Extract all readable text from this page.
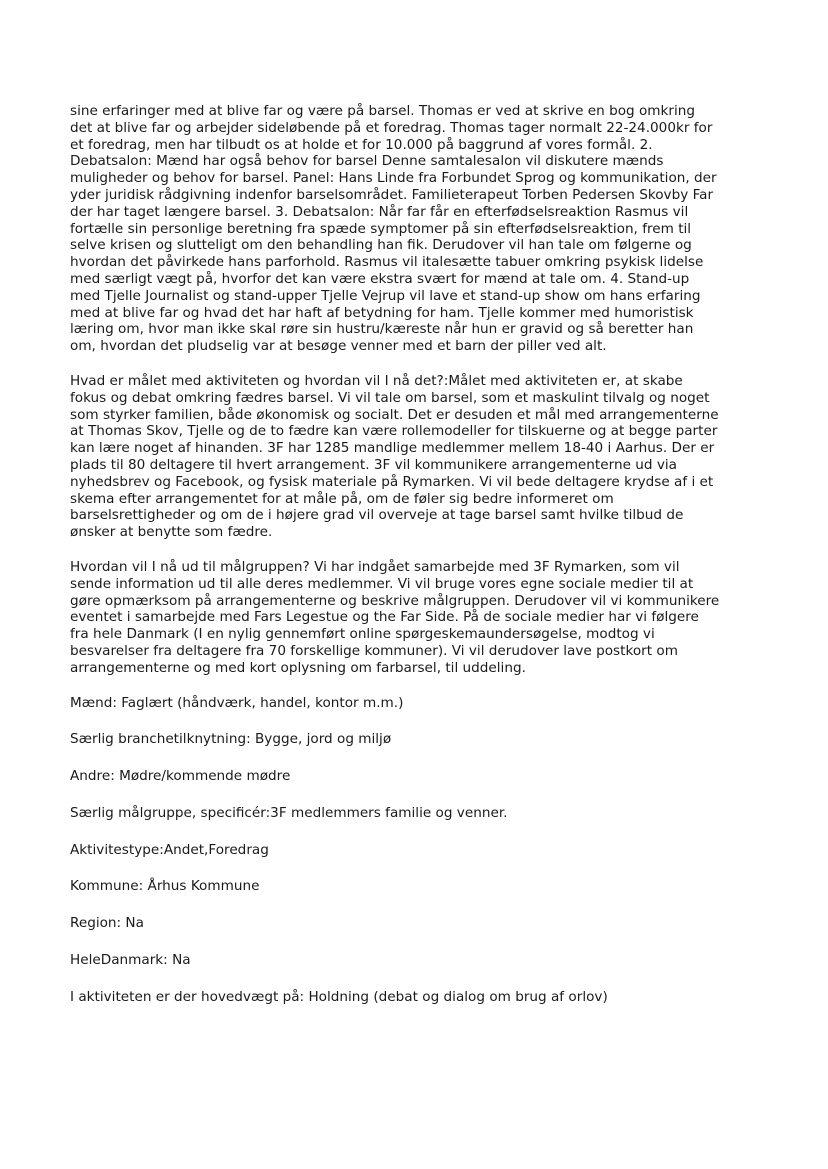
sine erfaringer med at blive far og være på barsel. Thomas er ved at skrive en bog omkring
det at blive far og arbejder sideløbende på et foredrag. Thomas tager normalt 22-24.000kr for
et foredrag, men har tilbudt os at holde et for 10.000 på baggrund af vores formål. 2.
Debatsalon: Mænd har også behov for barsel Denne samtalesalon vil diskutere mænds
muligheder og behov for barsel. Panel: Hans Linde fra Forbundet Sprog og kommunikation, der
yder juridisk rådgivning indenfor barselsområdet. Familieterapeut Torben Pedersen Skovby Far
der har taget længere barsel. 3. Debatsalon: Når far får en efterfødselsreaktion Rasmus vil
fortælle sin personlige beretning fra spæde symptomer på sin efterfødselsreaktion, frem til
selve krisen og slutteligt om den behandling han fik. Derudover vil han tale om følgerne og
hvordan det påvirkede hans parforhold. Rasmus vil italesætte tabuer omkring psykisk lidelse
med særligt vægt på, hvorfor det kan være ekstra svært for mænd at tale om. 4. Stand-up
med Tjelle Journalist og stand-upper Tjelle Vejrup vil lave et stand-up show om hans erfaring
med at blive far og hvad det har haft af betydning for ham. Tjelle kommer med humoristisk
læring om, hvor man ikke skal røre sin hustru/kæreste når hun er gravid og så beretter han
om, hvordan det pludselig var at besøge venner med et barn der piller ved alt.
Hvad er målet med aktiviteten og hvordan vil I nå det?:Målet med aktiviteten er, at skabe
fokus og debat omkring fædres barsel. Vi vil tale om barsel, som et maskulint tilvalg og noget
som styrker familien, både økonomisk og socialt. Det er desuden et mål med arrangementerne
at Thomas Skov, Tjelle og de to fædre kan være rollemodeller for tilskuerne og at begge parter
kan lære noget af hinanden. 3F har 1285 mandlige medlemmer mellem 18-40 i Aarhus. Der er
plads til 80 deltagere til hvert arrangement. 3F vil kommunikere arrangementerne ud via
nyhedsbrev og Facebook, og fysisk materiale på Rymarken. Vi vil bede deltagere krydse af i et
skema efter arrangementet for at måle på, om de føler sig bedre informeret om
barselsrettigheder og om de i højere grad vil overveje at tage barsel samt hvilke tilbud de
ønsker at benytte som fædre.
Hvordan vil I nå ud til målgruppen? Vi har indgået samarbejde med 3F Rymarken, som vil
sende information ud til alle deres medlemmer. Vi vil bruge vores egne sociale medier til at
gøre opmærksom på arrangementerne og beskrive målgruppen. Derudover vil vi kommunikere
eventet i samarbejde med Fars Legestue og the Far Side. På de sociale medier har vi følgere
fra hele Danmark (I en nylig gennemført online spørgeskemaundersøgelse, modtog vi
besvarelser fra deltagere fra 70 forskellige kommuner). Vi vil derudover lave postkort om
arrangementerne og med kort oplysning om farbarsel, til uddeling.
Mænd: Faglært (håndværk, handel, kontor m.m.)
Særlig branchetilknytning: Bygge, jord og miljø
Andre: Mødre/kommende mødre
Særlig målgruppe, specificér:3F medlemmers familie og venner.
Aktivitestype:Andet,Foredrag
Kommune: Århus Kommune
Region: Na
HeleDanmark: Na
I aktiviteten er der hovedvægt på: Holdning (debat og dialog om brug af orlov)
